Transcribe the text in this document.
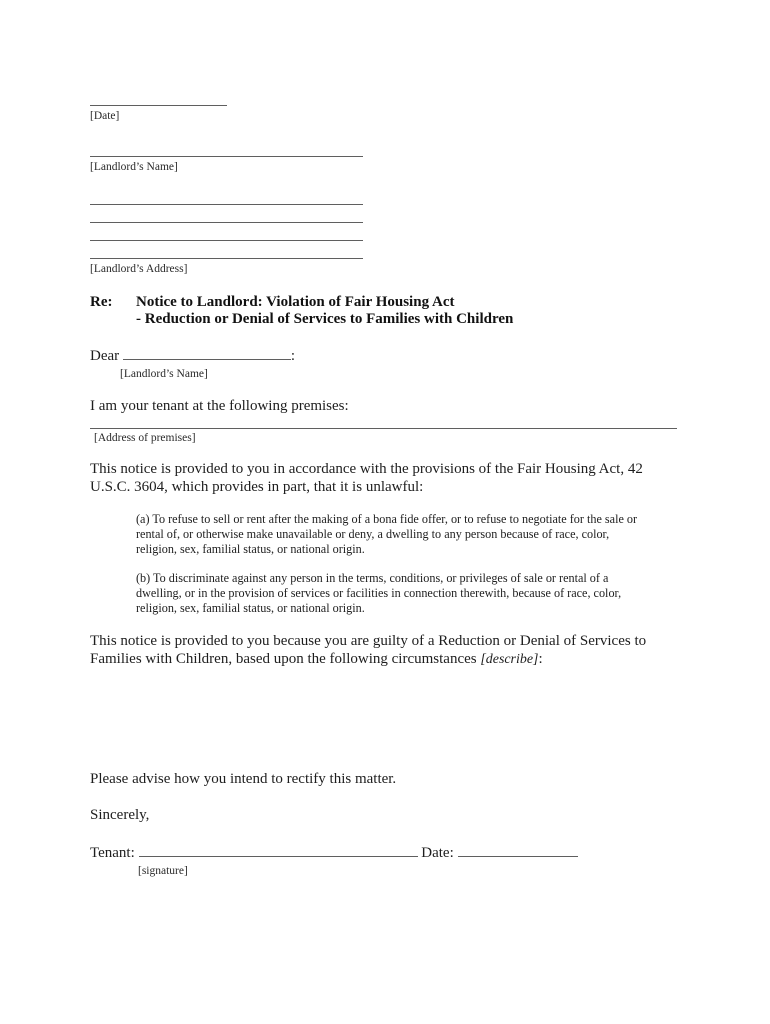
[Date]
[Landlord’s Name]
[Landlord’s Address]
Re:	Notice to Landlord: Violation of Fair Housing Act
- Reduction or Denial of Services to Families with Children
Dear	:
[Landlord’s Name]
I am your tenant at the following premises:
[Address of premises]
This notice is provided to you in accordance with the provisions of the Fair Housing Act, 42
U.S.C. 3604, which provides in part, that it is unlawful:
(a) To refuse to sell or rent after the making of a bona fide offer, or to refuse to negotiate for the sale or
rental of, or otherwise make unavailable or deny, a dwelling to any person because of race, color,
religion, sex, familial status, or national origin.
(b) To discriminate against any person in the terms, conditions, or privileges of sale or rental of a
dwelling, or in the provision of services or facilities in connection therewith, because of race, color,
religion, sex, familial status, or national origin.
This notice is provided to you because you are guilty of a Reduction or Denial of Services to
Families with Children, based upon the following circumstances [describe]:
Please advise how you intend to rectify this matter.
Sincerely,
Tenant:	Date:
[signature]
